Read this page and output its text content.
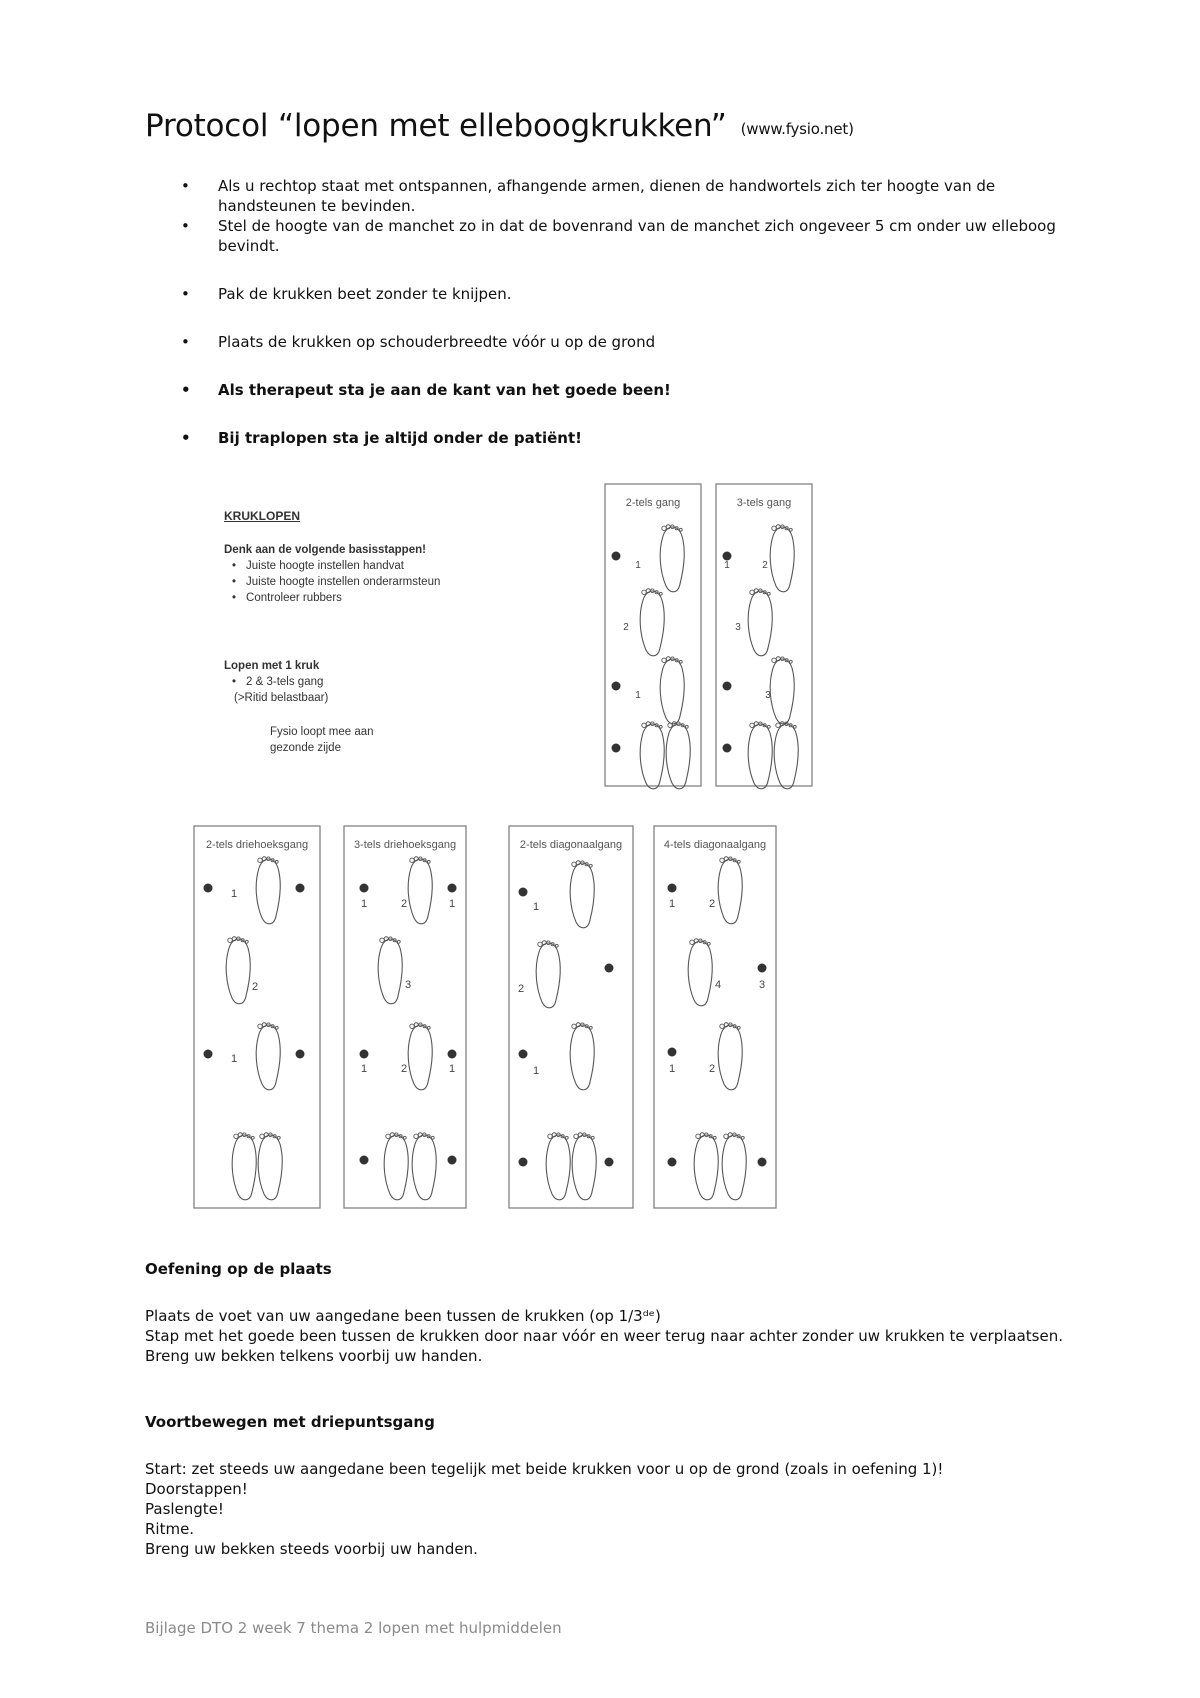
Protocol “lopen met elleboogkrukken” (www.fysio.net)
• Als u rechtop staat met ontspannen, afhangende armen, dienen de handwortels zich ter hoogte van de handsteunen te bevinden.
• Stel de hoogte van de manchet zo in dat de bovenrand van de manchet zich ongeveer 5 cm onder uw elleboog bevindt.
• Pak de krukken beet zonder te knijpen.
• Plaats de krukken op schouderbreedte vóór u op de grond
• Als therapeut sta je aan de kant van het goede been!
• Bij traplopen sta je altijd onder de patiënt!
KRUKLOPEN
Denk aan de volgende basisstappen!
• Juiste hoogte instellen handvat
• Juiste hoogte instellen onderarmsteun
• Controleer rubbers
Lopen met 1 kruk
• 2 & 3-tels gang
(>Ritid belastbaar)
Fysio loopt mee aan
gezonde zijde
2-tels gang
1
2
1
3-tels gang
1	2
3
3
2-tels driehoeksgang	3-tels driehoeksgang	2-tels diagonaalgang	4-tels diagonaalgang
1
2
1
1	1
2
3
1	1
2
1
2
1
1	2
4	3
1	2
Oefening op de plaats
Plaats de voet van uw aangedane been tussen de krukken (op 1/3ᵈᵉ)
Stap met het goede been tussen de krukken door naar vóór en weer terug naar achter zonder uw krukken te verplaatsen.
Breng uw bekken telkens voorbij uw handen.
Voortbewegen met driepuntsgang
Start: zet steeds uw aangedane been tegelijk met beide krukken voor u op de grond (zoals in oefening 1)!
Doorstappen!
Paslengte!
Ritme.
Breng uw bekken steeds voorbij uw handen.

Bijlage DTO 2 week 7 thema 2 lopen met hulpmiddelen
